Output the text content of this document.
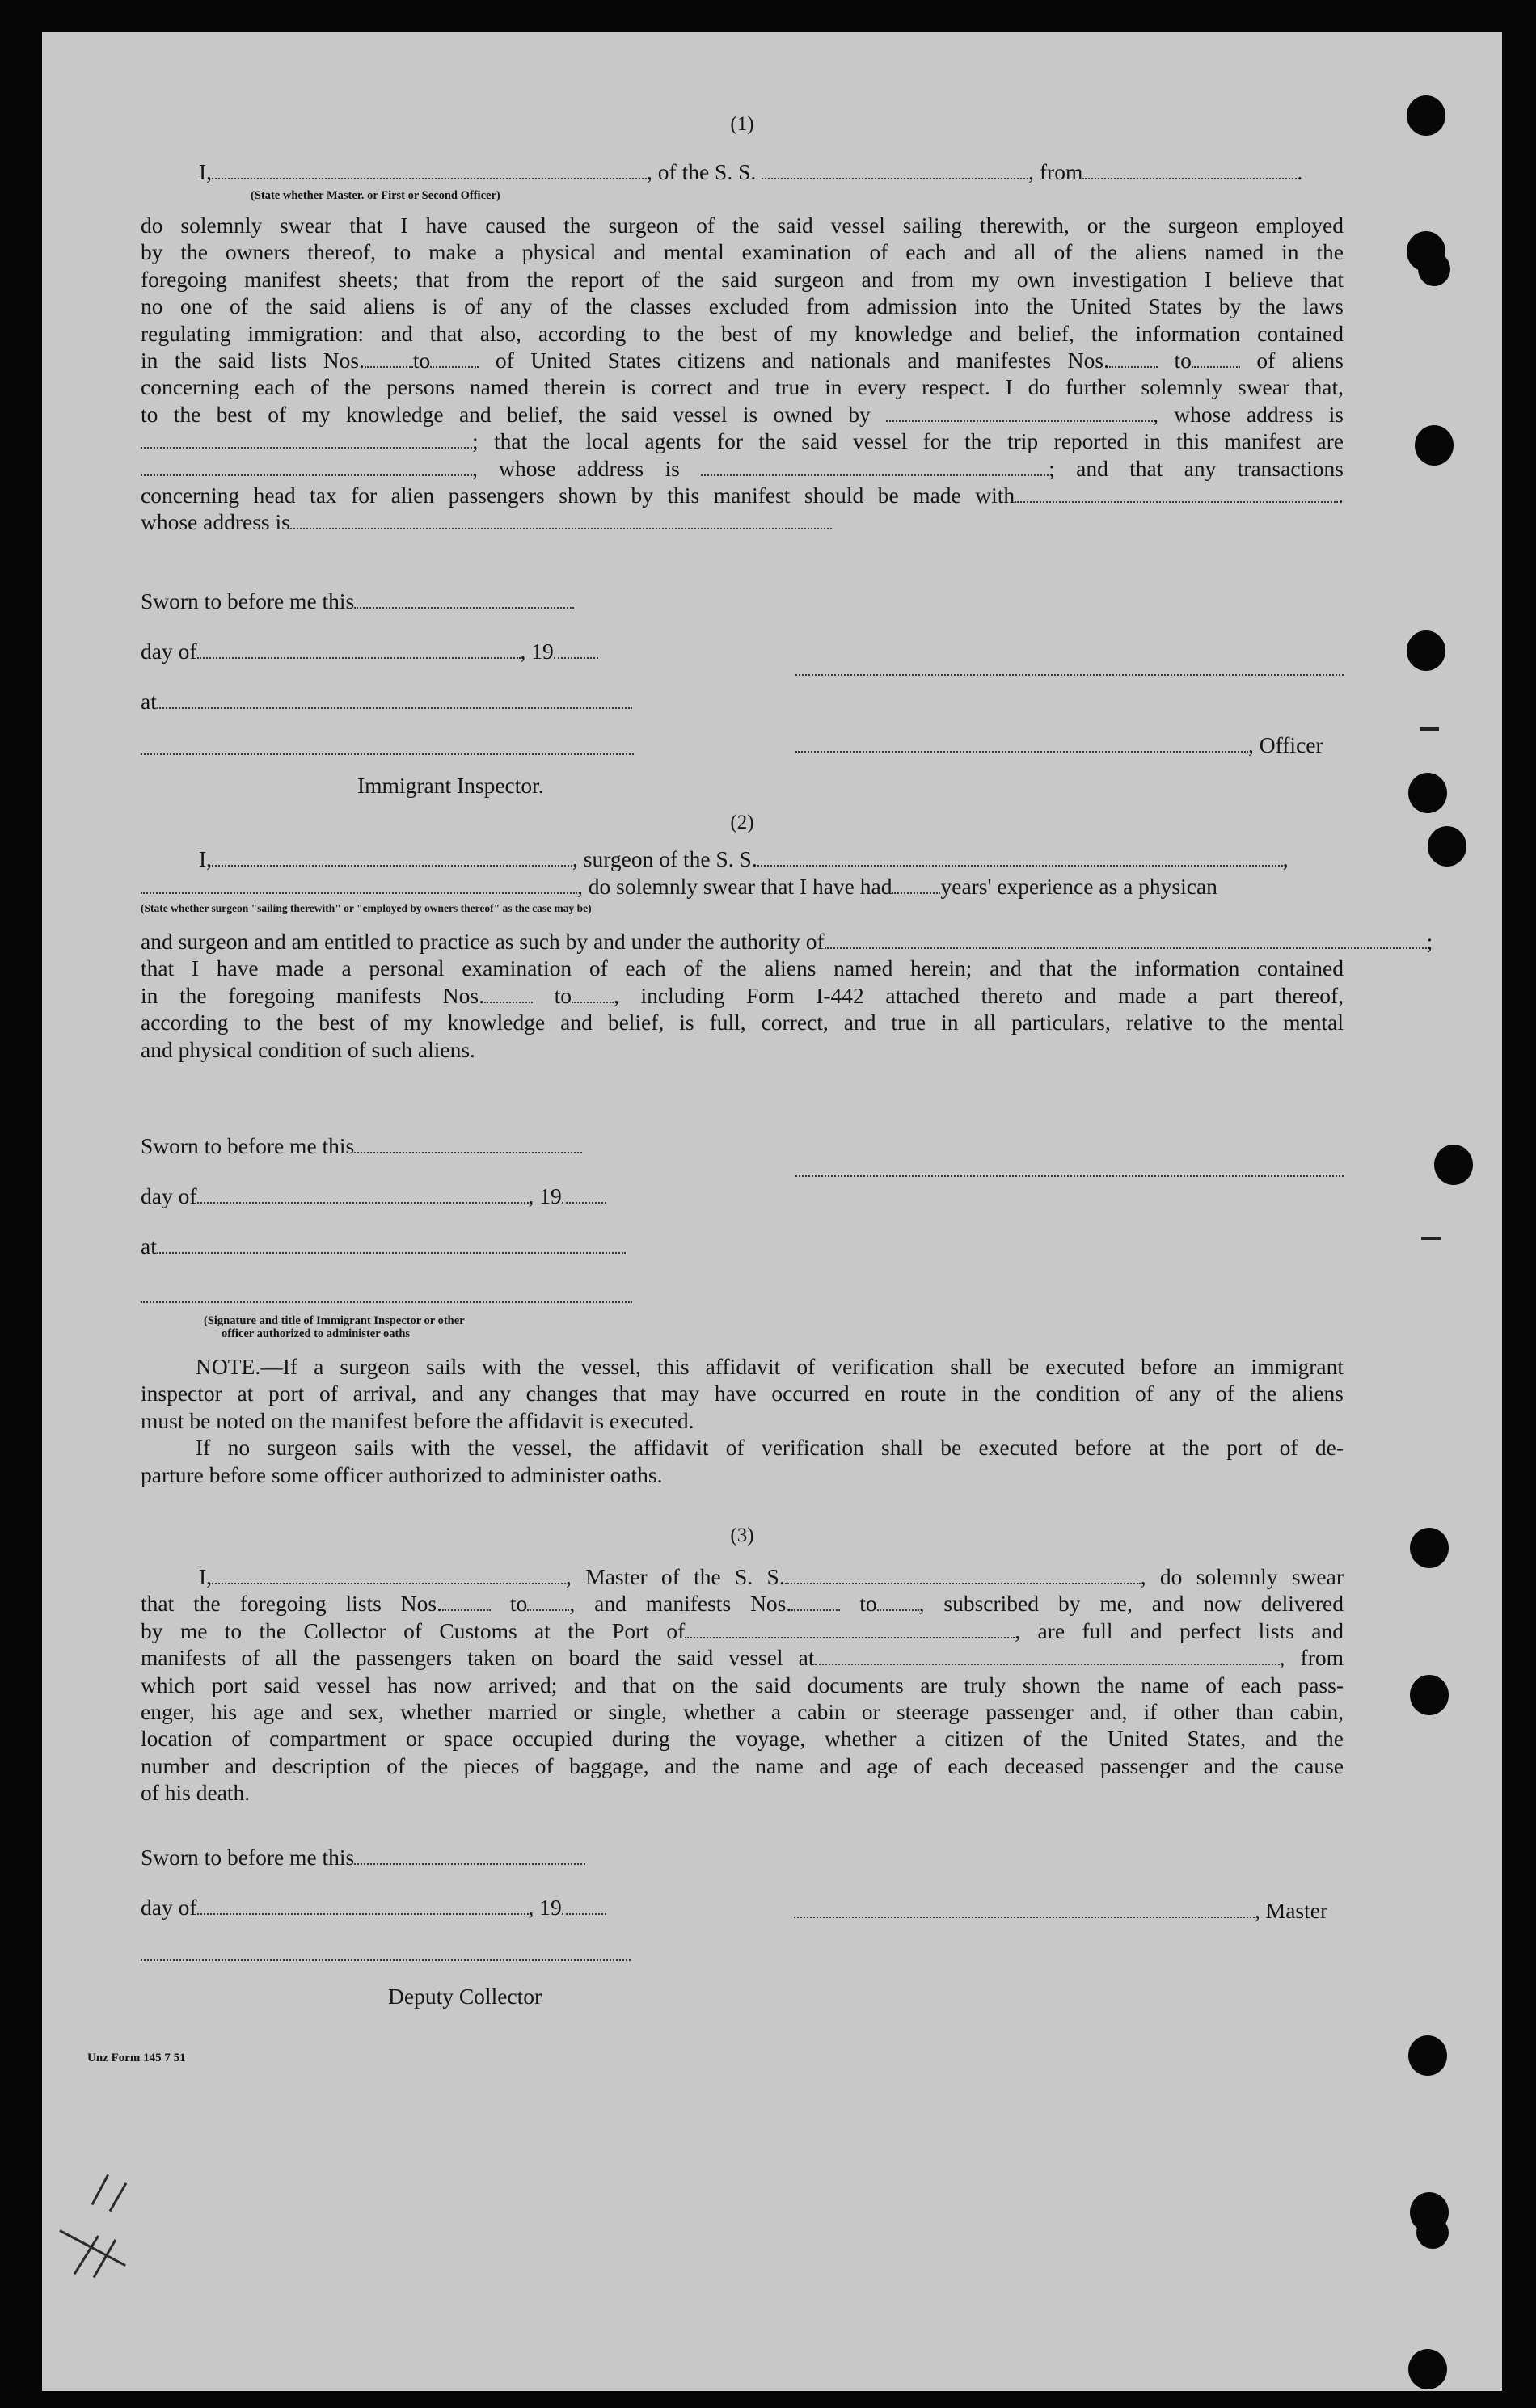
(1)
I,	, of the S. S.	, from	.
(State whether Master. or First or Second Officer)
do solemnly swear that I have caused the surgeon of the said vessel sailing therewith, or the surgeon employed
by the owners thereof, to make a physical and mental examination of each and all of the aliens named in the
foregoing manifest sheets; that from the report of the said surgeon and from my own investigation I believe that
no one of the said aliens is of any of the classes excluded from admission into the United States by the laws
regulating immigration: and that also, according to the best of my knowledge and belief, the information contained
in the said lists Nos. to	of United States citizens and nationals and manifestes Nos.	to	of aliens
concerning each of the persons named therein is correct and true in every respect. I do further solemnly swear that,
to the best of my knowledge and belief, the said vessel is owned by	, whose address is
; that the local agents for the said vessel for the trip reported in this manifest are
, whose address is	; and that any transactions
concerning head tax for alien passengers shown by this manifest should be made with	.
whose address is
Sworn to before me this
day of	, 19
at
Immigrant Inspector.
, Officer
(2)
I,	, surgeon of the S. S.	,
, do solemnly swear that I have had years' experience as a physican
(State whether surgeon "sailing therewith" or "employed by owners thereof" as the case may be)
and surgeon and am entitled to practice as such by and under the authority of	;
that I have made a personal examination of each of the aliens named herein; and that the information contained
in the foregoing manifests Nos.	to , including Form I-442 attached thereto and made a part thereof,
according to the best of my knowledge and belief, is full, correct, and true in all particulars, relative to the mental
and physical condition of such aliens.
Sworn to before me this
day of	, 19
at
(Signature and title of Immigrant Inspector or other
officer authorized to administer oaths
NOTE.—If a surgeon sails with the vessel, this affidavit of verification shall be executed before an immigrant
inspector at port of arrival, and any changes that may have occurred en route in the condition of any of the aliens
must be noted on the manifest before the affidavit is executed.
If no surgeon sails with the vessel, the affidavit of verification shall be executed before at the port of de-
parture before some officer authorized to administer oaths.
(3)
I,	, Master of the S. S.	, do solemnly swear
that the foregoing lists Nos.	to , and manifests Nos.	to , subscribed by me, and now delivered
by me to the Collector of Customs at the Port of	, are full and perfect lists and
manifests of all the passengers taken on board the said vessel at	, from
which port said vessel has now arrived; and that on the said documents are truly shown the name of each pass-
enger, his age and sex, whether married or single, whether a cabin or steerage passenger and, if other than cabin,
location of compartment or space occupied during the voyage, whether a citizen of the United States, and the
number and description of the pieces of baggage, and the name and age of each deceased passenger and the cause
of his death.
Sworn to before me this
day of	, 19
Deputy Collector
, Master
Unz Form 145 7 51
